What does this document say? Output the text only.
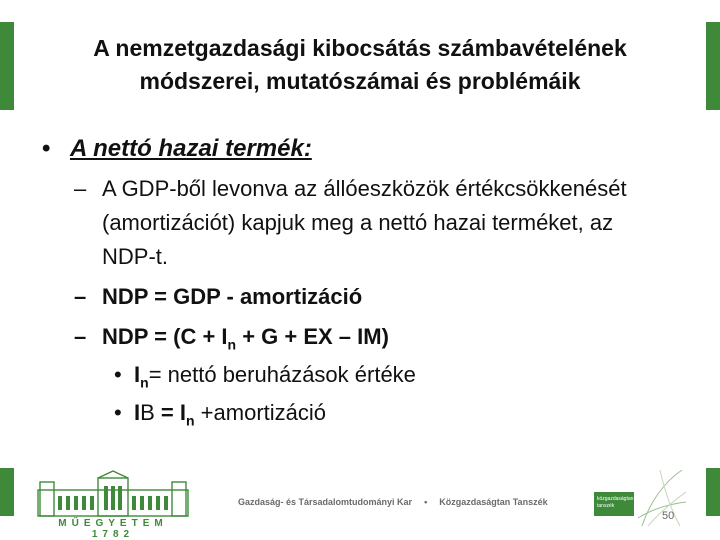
A nemzetgazdasági kibocsátás számbavételének
módszerei, mutatószámai és problémáik
• A nettó hazai termék:
– A GDP-ből levonva az állóeszközök értékcsökkenését (amortizációt) kapjuk meg a nettó hazai terméket, az NDP-t.
– NDP = GDP - amortizáció
– NDP = ($C + I_n + G$ + EX – IM)
• $I_n=$ nettó beruházások értéke
• IB = $I_n$ +amortizáció
MŰEGYETEM 1782
Gazdaság- és Társadalomtudományi Kar • Közgazdaságtan Tanszék	közgazdaságtan
tanszék
50
